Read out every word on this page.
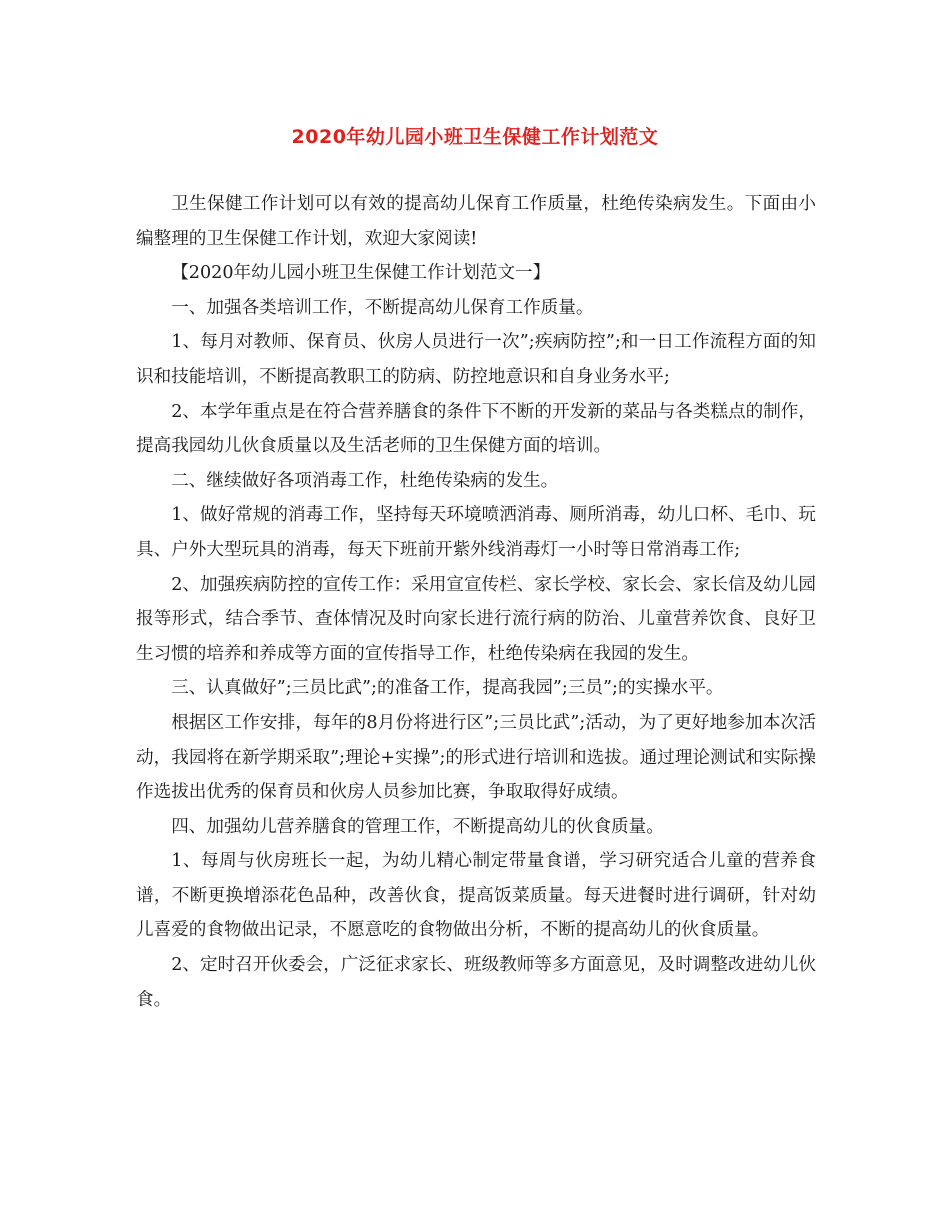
2020年幼儿园小班卫生保健工作计划范文

卫生保健工作计划可以有效的提高幼儿保育工作质量，杜绝传染病发生。下面由小编整理的卫生保健工作计划，欢迎大家阅读!

【2020年幼儿园小班卫生保健工作计划范文一】

一、加强各类培训工作，不断提高幼儿保育工作质量。

1、每月对教师、保育员、伙房人员进行一次”;疾病防控”;和一日工作流程方面的知识和技能培训，不断提高教职工的防病、防控地意识和自身业务水平;

2、本学年重点是在符合营养膳食的条件下不断的开发新的菜品与各类糕点的制作，提高我园幼儿伙食质量以及生活老师的卫生保健方面的培训。

二、继续做好各项消毒工作，杜绝传染病的发生。

1、做好常规的消毒工作，坚持每天环境喷洒消毒、厕所消毒，幼儿口杯、毛巾、玩具、户外大型玩具的消毒，每天下班前开紫外线消毒灯一小时等日常消毒工作;

2、加强疾病防控的宣传工作：采用宣宣传栏、家长学校、家长会、家长信及幼儿园报等形式，结合季节、查体情况及时向家长进行流行病的防治、儿童营养饮食、良好卫生习惯的培养和养成等方面的宣传指导工作，杜绝传染病在我园的发生。

三、认真做好”;三员比武”;的准备工作，提高我园”;三员”;的实操水平。

根据区工作安排，每年的8月份将进行区”;三员比武”;活动，为了更好地参加本次活动，我园将在新学期采取”;理论+实操”;的形式进行培训和选拔。通过理论测试和实际操作选拔出优秀的保育员和伙房人员参加比赛，争取取得好成绩。

四、加强幼儿营养膳食的管理工作，不断提高幼儿的伙食质量。

1、每周与伙房班长一起，为幼儿精心制定带量食谱，学习研究适合儿童的营养食谱，不断更换增添花色品种，改善伙食，提高饭菜质量。每天进餐时进行调研，针对幼儿喜爱的食物做出记录，不愿意吃的食物做出分析，不断的提高幼儿的伙食质量。

2、定时召开伙委会，广泛征求家长、班级教师等多方面意见，及时调整改进幼儿伙食。
